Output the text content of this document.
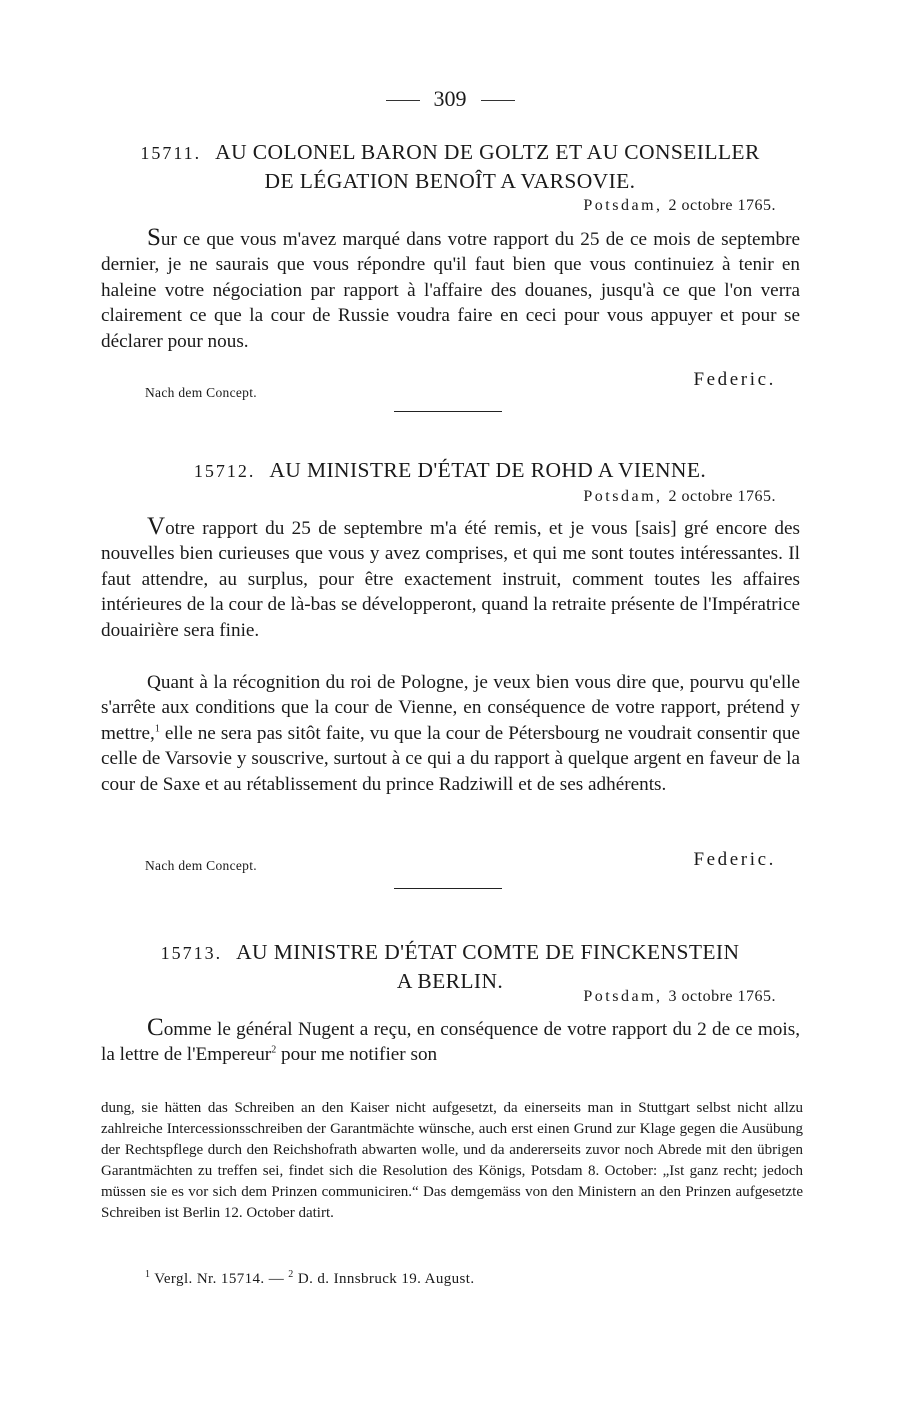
309
15711. AU COLONEL BARON DE GOLTZ ET AU CONSEILLER
DE LÉGATION BENOÎT A VARSOVIE.
Potsdam, 2 octobre 1765.

Sur ce que vous m'avez marqué dans votre rapport du 25 de ce mois de septembre dernier, je ne saurais que vous répondre qu'il faut bien que vous continuiez à tenir en haleine votre négociation par rapport à l'affaire des douanes, jusqu'à ce que l'on verra clairement ce que la cour de Russie voudra faire en ceci pour vous appuyer et pour se déclarer pour nous.

Nach dem Concept.
Federic.
15712. AU MINISTRE D'ÉTAT DE ROHD A VIENNE.
Potsdam, 2 octobre 1765.

Votre rapport du 25 de septembre m'a été remis, et je vous [sais] gré encore des nouvelles bien curieuses que vous y avez comprises, et qui me sont toutes intéressantes. Il faut attendre, au surplus, pour être exactement instruit, comment toutes les affaires intérieures de la cour de là-bas se développeront, quand la retraite présente de l'Impératrice douairière sera finie.

Quant à la récognition du roi de Pologne, je veux bien vous dire que, pourvu qu'elle s'arrête aux conditions que la cour de Vienne, en conséquence de votre rapport, prétend y mettre,$^1$ elle ne sera pas sitôt faite, vu que la cour de Pétersbourg ne voudrait consentir que celle de Varsovie y souscrive, surtout à ce qui a du rapport à quelque argent en faveur de la cour de Saxe et au rétablissement du prince Radziwill et de ses adhérents.

Nach dem Concept.	Federic.
15713. AU MINISTRE D'ÉTAT COMTE DE FINCKENSTEIN
A BERLIN.
Potsdam, 3 octobre 1765.

Comme le général Nugent a reçu, en conséquence de votre rapport du 2 de ce mois, la lettre de l'Empereur$^2$ pour me notifier son

dung, sie hätten das Schreiben an den Kaiser nicht aufgesetzt, da einerseits man in Stuttgart selbst nicht allzu zahlreiche Intercessionsschreiben der Garantmächte wünsche, auch erst einen Grund zur Klage gegen die Ausübung der Rechtspflege durch den Reichshofrath abwarten wolle, und da andererseits zuvor noch Abrede mit den übrigen Garantmächten zu treffen sei, findet sich die Resolution des Königs, Potsdam 8. October: „Ist ganz recht; jedoch müssen sie es vor sich dem Prinzen communiciren.“ Das demgemäss von den Ministern an den Prinzen aufgesetzte Schreiben ist Berlin 12. October datirt.

$^1$ Vergl. Nr. 15714. — $^2$ D. d. Innsbruck 19. August.
